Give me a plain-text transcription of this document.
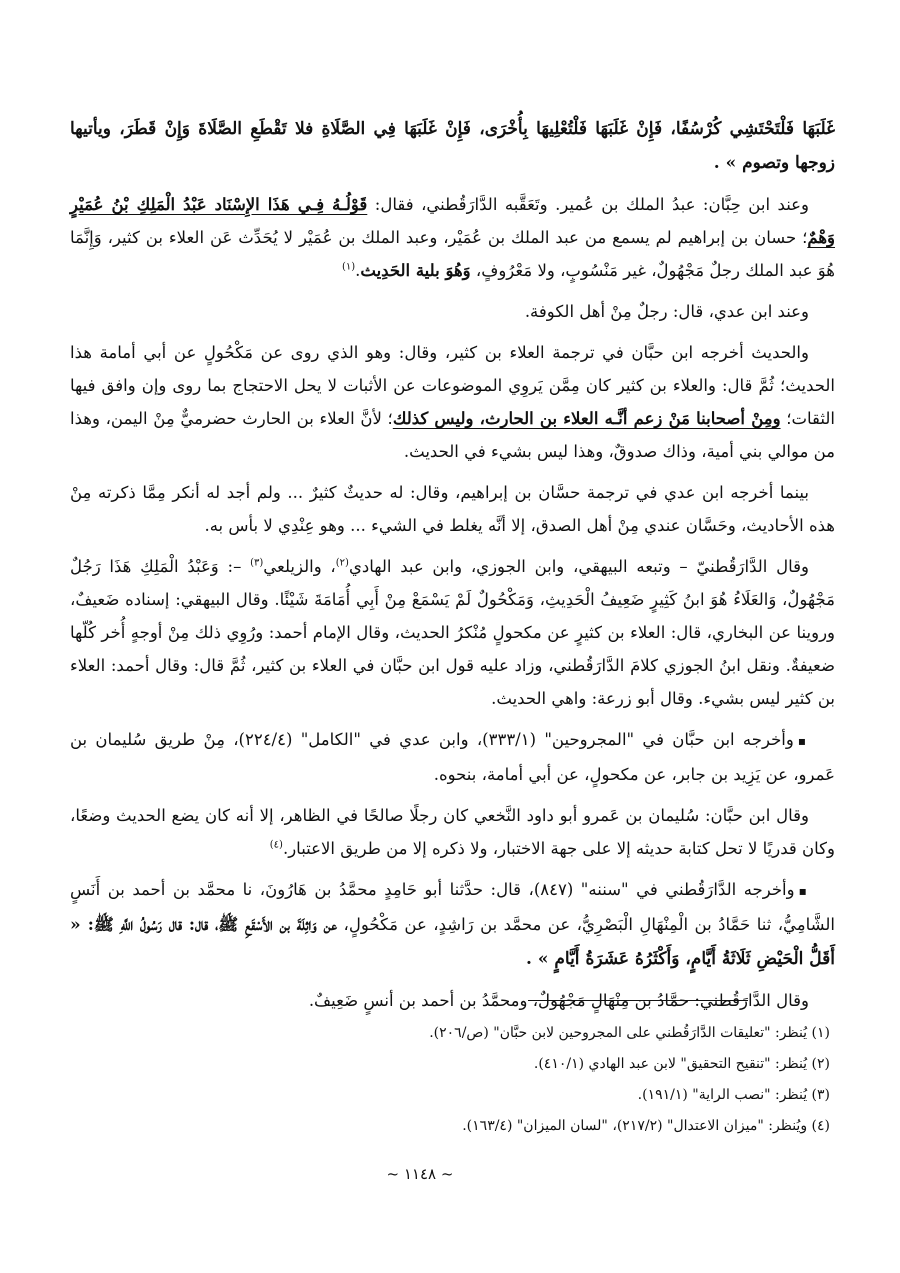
غَلَبَهَا فَلْتَحْتَشِي كُرْسُفًا، فَإِنْ غَلَبَهَا فَلْتُعْلِيهَا بِأُخْرَى، فَإِنْ غَلَبَهَا فِي الصَّلَاةِ فلا تَقْطَعِ الصَّلَاةَ وَإِنْ قَطَرَ، ويأتيها زوجها وتصوم » .

وعند ابن حِبَّان: عبدُ الملك بن عُمير. وتَعَقَّبه الدَّارَقُطني، فقال: قَوْلُـهُ فِـي هَذَا الإِسْنَاد عَبْدُ الْمَلِكِ بْنُ عُمَيْرٍ وَهْمٌ؛ حسان بن إبراهيم لم يسمع من عبد الملك بن عُمَيْر، وعبد الملك بن عُمَيْر لا يُحَدِّث عَن العلاء بن كثير، وَإِنَّمَا هُوَ عبد الملك رجلٌ مَجْهُولٌ، غير مَنْسُوبٍ، ولا مَعْرُوفٍ، وَهُوَ بلية الحَدِيث.$^{(١)}$

وعند ابن عدي، قال: رجلٌ مِنْ أهل الكوفة.

والحديث أخرجه ابن حبَّان في ترجمة العلاء بن كثير، وقال: وهو الذي روى عن مَكْحُولٍ عن أبي أمامة هذا الحديث؛ ثُمَّ قال: والعلاء بن كثير كان مِمَّن يَروِي الموضوعات عن الأثبات لا يحل الاحتجاج بما روى وإن وافق فيها الثقات؛ ومِنْ أصحابنا مَنْ زعم أنَّـه العلاء بن الحارث، وليس كذلك؛ لأنَّ العلاء بن الحارث حضرميٌّ مِنْ اليمن، وهذا من موالي بني أمية، وذاك صدوقٌ، وهذا ليس بشيء في الحديث.

بينما أخرجه ابن عدي في ترجمة حسَّان بن إبراهيم، وقال: له حديثٌ كثيرٌ ... ولم أجد له أنكر مِمَّا ذكرته مِنْ هذه الأحاديث، وحَسَّان عندي مِنْ أهل الصدق، إلا أنَّه يغلط في الشيء ... وهو عِنْدِي لا بأس به.

وقال الدَّارَقُطنيّ – وتبعه البيهقي، وابن الجوزي، وابن عبد الهادي$^{(٢)}$، والزيلعي$^{(٣)}$ –: وَعَبْدُ الْمَلِكِ هَذَا رَجُلٌ مَجْهُولٌ، وَالعَلَاءُ هُوَ ابنُ كَثِيرٍ ضَعِيفُ الْحَدِيثِ، وَمَكْحُولٌ لَمْ يَسْمَعْ مِنْ أَبِي أُمَامَةَ شَيْئًا. وقال البيهقي: إسناده ضَعيفٌ، وروينا عن البخاري، قال: العلاء بن كثيرٍ عن مكحولٍ مُنْكرُ الحديث، وقال الإمام أحمد: ورُوِي ذلك مِنْ أوجهٍ أُخر كُلّها ضعيفةٌ. ونقل ابنُ الجوزي كلامَ الدَّارَقُطني، وزاد عليه قول ابن حبَّان في العلاء بن كثير، ثُمَّ قال: وقال أحمد: العلاء بن كثير ليس بشيء. وقال أبو زرعة: واهي الحديث.

▪وأخرجه ابن حبَّان في "المجروحين" (٣٣٣/١)، وابن عدي في "الكامل" (٢٢٤/٤)، مِنْ طريق سُليمان بن عَمرو، عن يَزِيد بن جابر، عن مكحولٍ، عن أبي أمامة، بنحوه.

وقال ابن حبَّان: سُليمان بن عَمرو أبو داود النَّخعي كان رجلًا صالحًا في الظاهر، إلا أنه كان يضع الحديث وضعًا، وكان قدريًا لا تحل كتابة حديثه إلا على جهة الاختبار، ولا ذكره إلا من طريق الاعتبار.$^{(٤)}$

▪وأخرجه الدَّارَقُطني في "سننه" (٨٤٧)، قال: حدَّثنا أبو حَامِدٍ محمَّدُ بن هَارُونَ، نا محمَّد بن أحمد بن أَنَسٍ الشَّامِيُّ، ثنا حَمَّادُ بن الْمِنْهَالِ الْبَصْرِيُّ، عن محمَّد بن رَاشِدٍ، عن مَكْحُولٍ، عن وَاثِلَةَ بن الأَسْقَعِ ﷺ، قال: قال رَسُولُ اللَّهِ ﷺ: « أَقَلُّ الْحَيْضِ ثَلَاثَةُ أَيَّامٍ، وَأَكْثَرُهُ عَشَرَةُ أَيَّامٍ » .

وقال الدَّارَقُطني: حمَّادُ بن مِنْهَالٍ مَجْهُولٌ، ومحمَّدُ بن أحمد بن أنسٍ ضَعِيفٌ.

(١) يُنظر: "تعليقات الدَّارَقُطني على المجروحين لابن حبَّان" (ص/٢٠٦).

(٢) يُنظر: "تنقيح التحقيق" لابن عبد الهادي (٤١٠/١).

(٣) يُنظر: "نصب الراية" (١٩١/١).

(٤) ويُنظر: "ميزان الاعتدال" (٢١٧/٢)، "لسان الميزان" (١٦٣/٤).

~ ١١٤٨ ~
